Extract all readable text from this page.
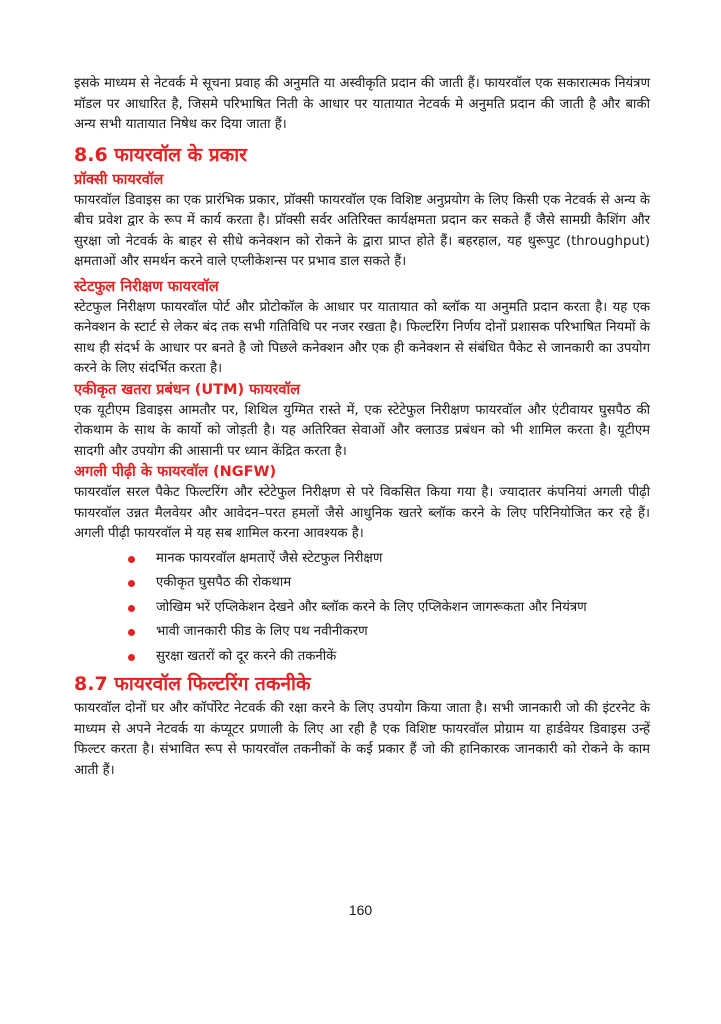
इसके माध्यम से नेटवर्क मे सूचना प्रवाह की अनुमति या अस्वीकृति प्रदान की जाती हैं। फायरवॉल एक सकारात्मक नियंत्रण मॉडल पर आधारित है, जिसमे परिभाषित निती के आधार पर यातायात नेटवर्क मे अनुमति प्रदान की जाती है और बाकी अन्य सभी यातायात निषेध कर दिया जाता हैं।

8.6 फायरवॉल के प्रकार
प्रॉक्सी फायरवॉल

फायरवॉल डिवाइस का एक प्रारंभिक प्रकार, प्रॉक्सी फायरवॉल एक विशिष्ट अनुप्रयोग के लिए किसी एक नेटवर्क से अन्य के बीच प्रवेश द्वार के रूप में कार्य करता है। प्रॉक्सी सर्वर अतिरिक्त कार्यक्षमता प्रदान कर सकते हैं जैसे सामग्री कैशिंग और सुरक्षा जो नेटवर्क के बाहर से सीधे कनेक्शन को रोकने के द्वारा प्राप्त होते हैं। बहरहाल, यह थुरूपुट (throughput) क्षमताओं और समर्थन करने वाले एप्लीकेशन्स पर प्रभाव डाल सकते हैं।

स्टेटफुल निरीक्षण फायरवॉल

स्टेटफुल निरीक्षण फायरवॉल पोर्ट और प्रोटोकॉल के आधार पर यातायात को ब्लॉक या अनुमति प्रदान करता है। यह एक कनेक्शन के स्टार्ट से लेकर बंद तक सभी गतिविधि पर नजर रखता है। फिल्टरिंग निर्णय दोनों प्रशासक परिभाषित नियमों के साथ ही संदर्भ के आधार पर बनते है जो पिछले कनेक्शन और एक ही कनेक्शन से संबंधित पैकेट से जानकारी का उपयोग करने के लिए संदर्भित करता है।

एकीकृत खतरा प्रबंधन (UTM) फायरवॉल

एक यूटीएम डिवाइस आमतौर पर, शिथिल युग्मित रास्ते में, एक स्टेटेफुल निरीक्षण फायरवॉल और एंटीवायर घुसपैठ की रोकथाम के साथ के कार्यो को जोड़ती है। यह अतिरिक्त सेवाओं और क्लाउड प्रबंधन को भी शामिल करता है। यूटीएम सादगी और उपयोग की आसानी पर ध्यान केंद्रित करता है।

अगली पीढ़ी के फायरवॉल (NGFW)

फायरवॉल सरल पैकेट फिल्टरिंग और स्टेटेफुल निरीक्षण से परे विकसित किया गया है। ज्यादातर कंपनियां अगली पीढ़ी फायरवॉल उन्नत मैलवेयर और आवेदन–परत हमलों जैसे आधुनिक खतरे ब्लॉक करने के लिए परिनियोजित कर रहे हैं। अगली पीढ़ी फायरवॉल मे यह सब शामिल करना आवश्यक है।

मानक फायरवॉल क्षमताऐं जैसे स्टेटफुल निरीक्षण
एकीकृत घुसपैठ की रोकथाम
जोखिम भरें एप्लिकेशन देखने और ब्लॉक करने के लिए एप्लिकेशन जागरूकता और नियंत्रण
भावी जानकारी फीड के लिए पथ नवीनीकरण
सुरक्षा खतरों को दूर करने की तकनीकें
8.7 फायरवॉल फिल्टरिंग तकनीके

फायरवॉल दोनों घर और कॉर्पोरेट नेटवर्क की रक्षा करने के लिए उपयोग किया जाता है। सभी जानकारी जो की इंटरनेट के माध्यम से अपने नेटवर्क या कंप्यूटर प्रणाली के लिए आ रही है एक विशिष्ट फायरवॉल प्रोग्राम या हार्डवेयर डिवाइस उन्हें फिल्टर करता है। संभावित रूप से फायरवॉल तकनीकों के कई प्रकार हैं जो की हानिकारक जानकारी को रोकने के काम आती हैं।

160
